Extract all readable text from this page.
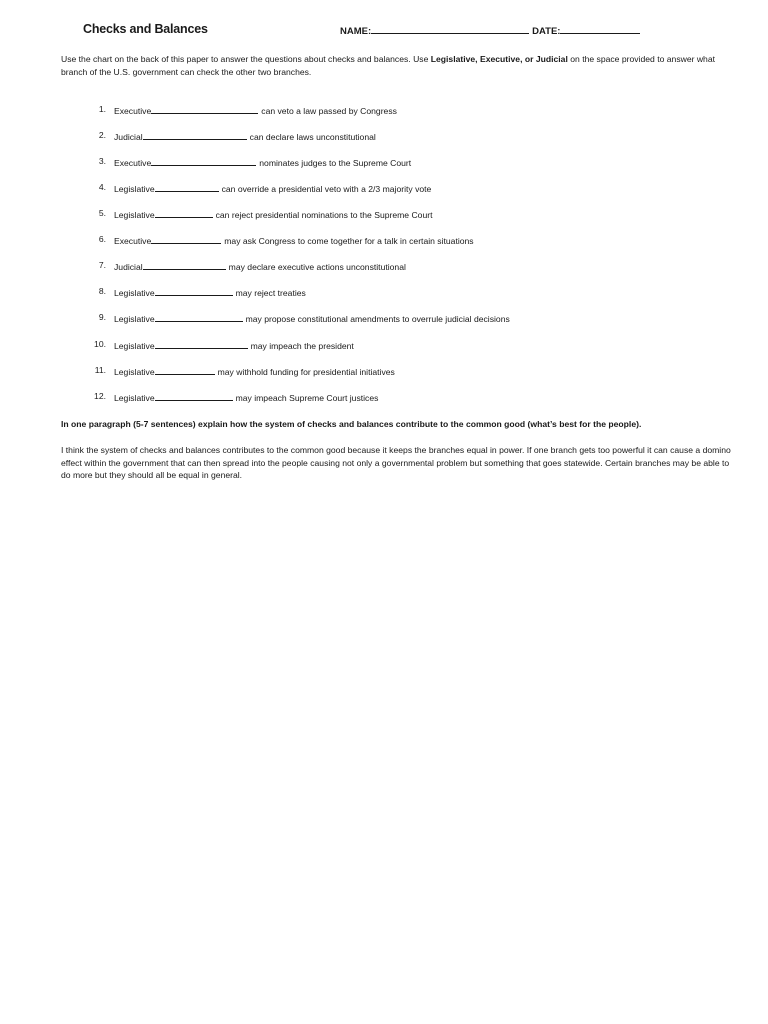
Checks and Balances	NAME:	DATE:
Use the chart on the back of this paper to answer the questions about checks and balances. Use Legislative, Executive, or Judicial on the space provided to answer what branch of the U.S. government can check the other two branches.
1. Executive	can veto a law passed by Congress
2. Judicial	can declare laws unconstitutional
3. Executive	nominates judges to the Supreme Court
4. Legislative	can override a presidential veto with a 2/3 majority vote
5. Legislative	can reject presidential nominations to the Supreme Court
6. Executive	may ask Congress to come together for a talk in certain situations
7. Judicial	may declare executive actions unconstitutional
8. Legislative	may reject treaties
9. Legislative	may propose constitutional amendments to overrule judicial decisions
10. Legislative	may impeach the president
11. Legislative	may withhold funding for presidential initiatives
12. Legislative	may impeach Supreme Court justices
In one paragraph (5-7 sentences) explain how the system of checks and balances contribute to the common good (what’s best for the people).
I think the system of checks and balances contributes to the common good because it keeps the branches equal in power. If one branch gets too powerful it can cause a domino effect within the government that can then spread into the people causing not only a governmental problem but something that goes statewide. Certain branches may be able to do more but they should all be equal in general.
